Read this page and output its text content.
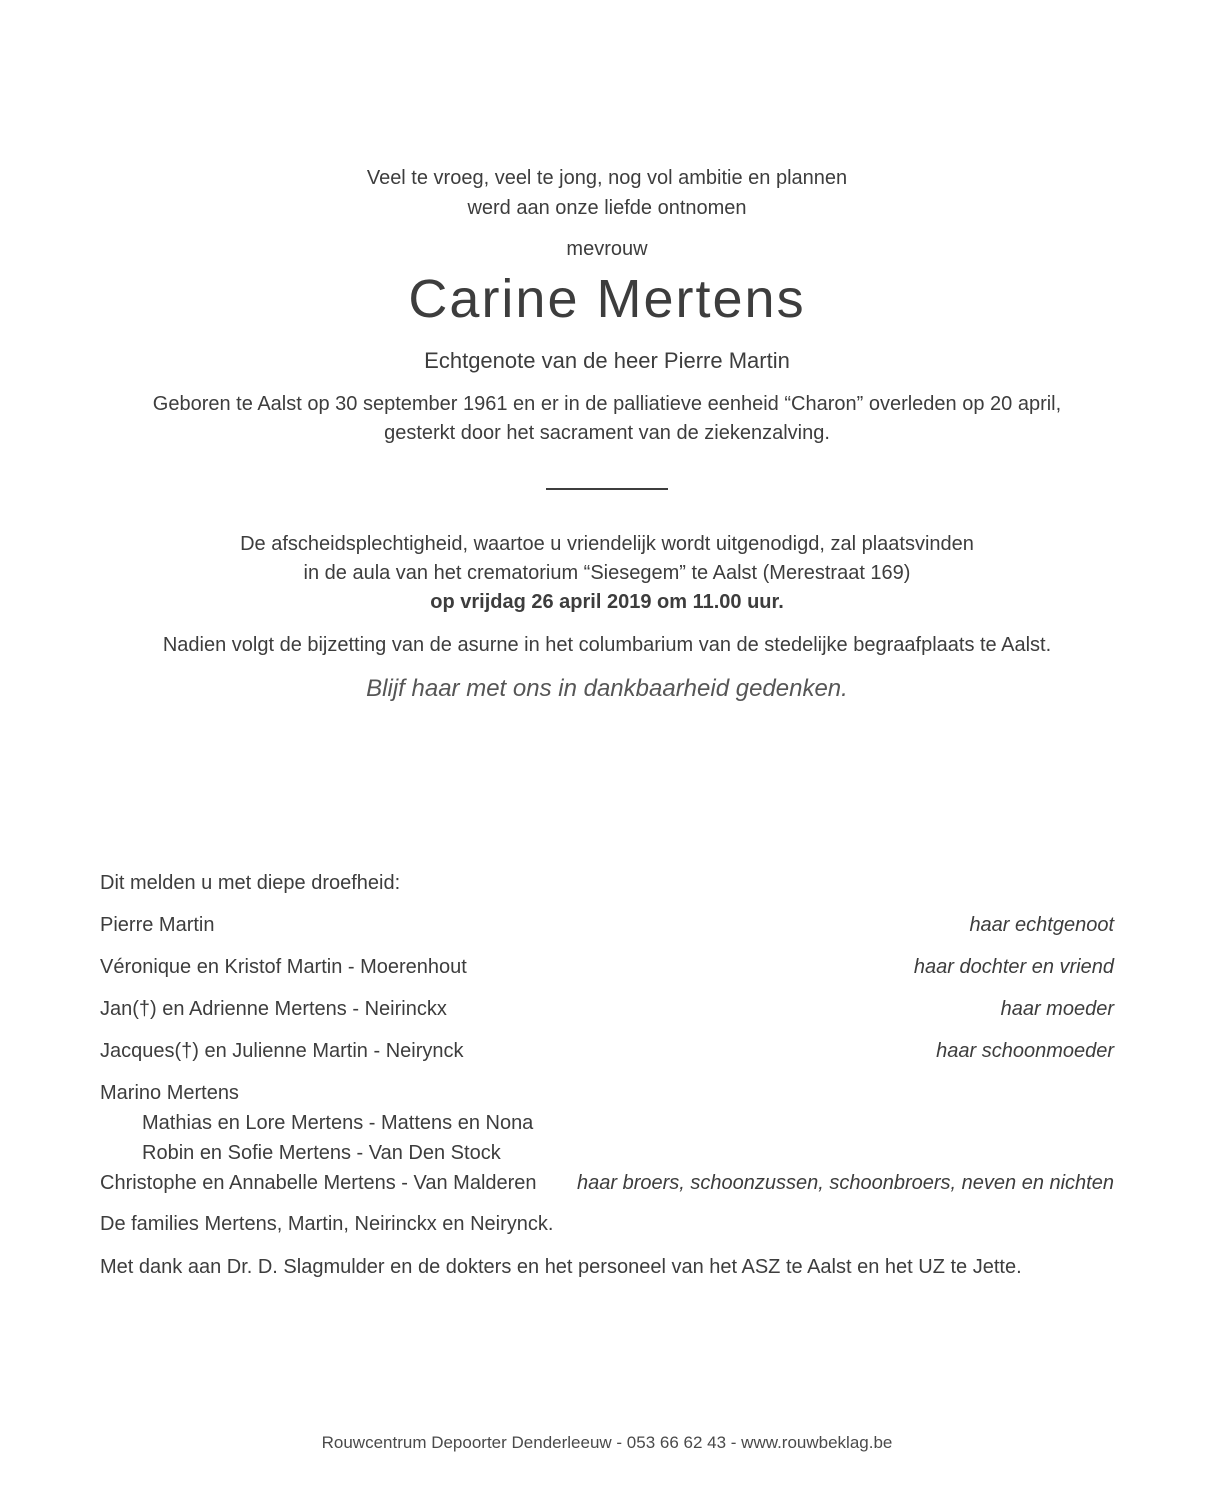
Veel te vroeg, veel te jong, nog vol ambitie en plannen
werd aan onze liefde ontnomen
mevrouw
Carine Mertens
Echtgenote van de heer Pierre Martin
Geboren te Aalst op 30 september 1961 en er in de palliatieve eenheid “Charon” overleden op 20 april,
gesterkt door het sacrament van de ziekenzalving.
De afscheidsplechtigheid, waartoe u vriendelijk wordt uitgenodigd, zal plaatsvinden
in de aula van het crematorium “Siesegem” te Aalst (Merestraat 169)
op vrijdag 26 april 2019 om 11.00 uur.
Nadien volgt de bijzetting van de asurne in het columbarium van de stedelijke begraafplaats te Aalst.
Blijf haar met ons in dankbaarheid gedenken.
Dit melden u met diepe droefheid:
Pierre Martin	haar echtgenoot
Véronique en Kristof Martin - Moerenhout	haar dochter en vriend
Jan(†) en Adrienne Mertens - Neirinckx	haar moeder
Jacques(†) en Julienne Martin - Neirynck	haar schoonmoeder
Marino Mertens
Mathias en Lore Mertens - Mattens en Nona
Robin en Sofie Mertens - Van Den Stock
Christophe en Annabelle Mertens - Van Malderen haar broers, schoonzussen, schoonbroers, neven en nichten
De families Mertens, Martin, Neirinckx en Neirynck.
Met dank aan Dr. D. Slagmulder en de dokters en het personeel van het ASZ te Aalst en het UZ te Jette.
Rouwcentrum Depoorter Denderleeuw - 053 66 62 43 - www.rouwbeklag.be
